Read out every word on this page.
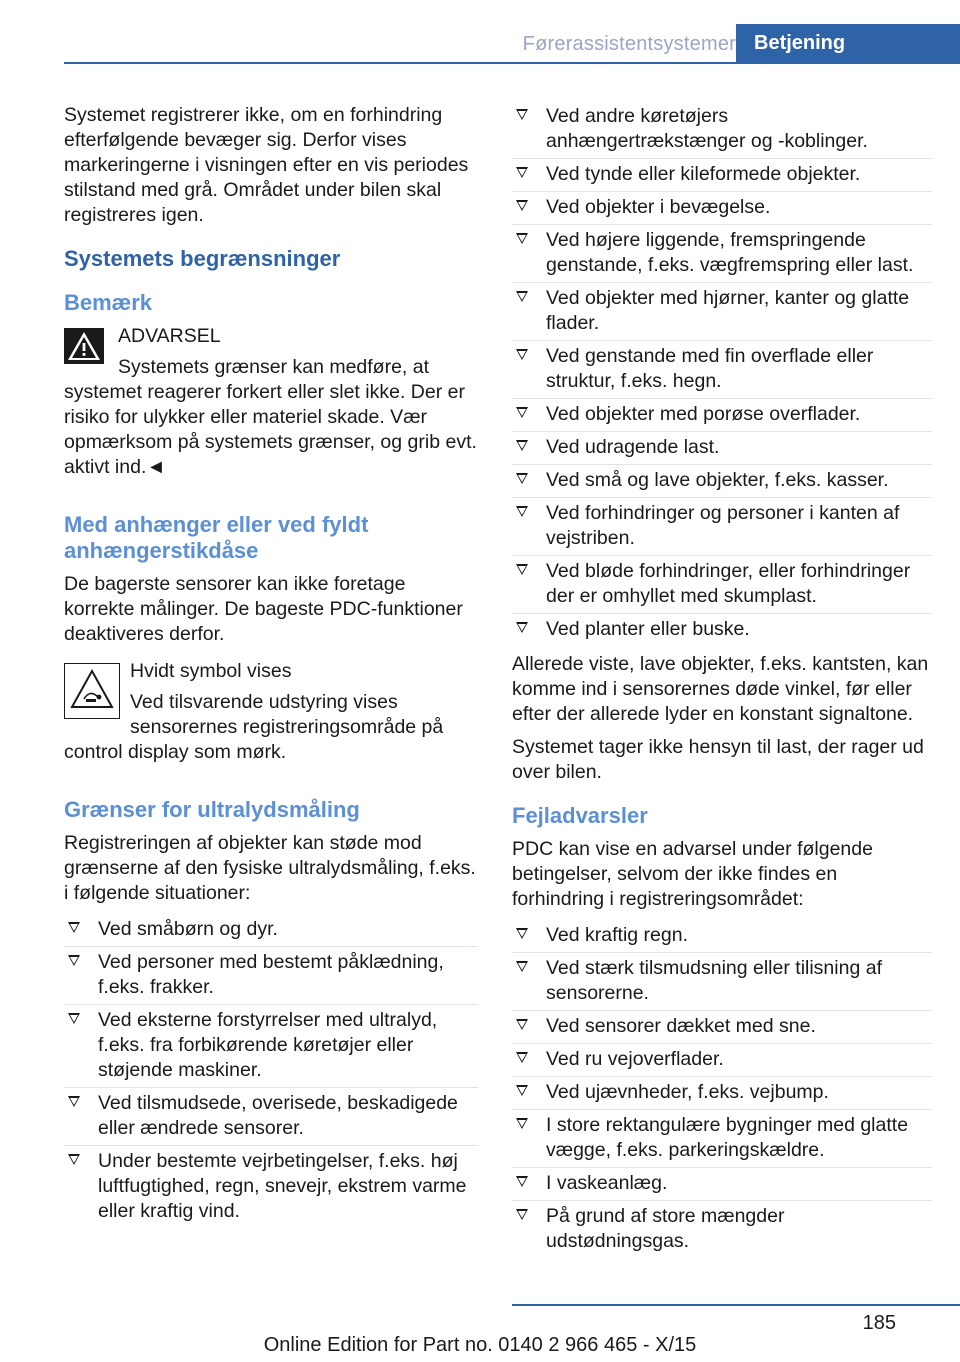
Førerassistentsystemer Betjening

Systemet registrerer ikke, om en forhindring efterfølgende bevæger sig. Derfor vises markeringerne i visningen efter en vis periodes stilstand med grå. Området under bilen skal registreres igen.

Systemets begrænsninger
Bemærk

ADVARSEL

Systemets grænser kan medføre, at systemet reagerer forkert eller slet ikke. Der er risiko for ulykker eller materiel skade. Vær opmærksom på systemets grænser, og grib evt. aktivt ind.◄

Med anhænger eller ved fyldt anhængerstikdåse

De bagerste sensorer kan ikke foretage korrekte målinger. De bageste PDC-funktioner deaktiveres derfor.

Hvidt symbol vises

Ved tilsvarende udstyring vises sensorernes registreringsområde på control display som mørk.

Grænser for ultralydsmåling

Registreringen af objekter kan støde mod grænserne af den fysiske ultralydsmåling, f.eks. i følgende situationer:

Ved småbørn og dyr.
Ved personer med bestemt påklædning, f.eks. frakker.
Ved eksterne forstyrrelser med ultralyd, f.eks. fra forbikørende køretøjer eller støjende maskiner.
Ved tilsmudsede, overisede, beskadigede eller ændrede sensorer.
Under bestemte vejrbetingelser, f.eks. høj luftfugtighed, regn, snevejr, ekstrem varme eller kraftig vind.
Ved andre køretøjers anhængertrækstænger og -koblinger.
Ved tynde eller kileformede objekter.
Ved objekter i bevægelse.
Ved højere liggende, fremspringende genstande, f.eks. vægfremspring eller last.
Ved objekter med hjørner, kanter og glatte flader.
Ved genstande med fin overflade eller struktur, f.eks. hegn.
Ved objekter med porøse overflader.
Ved udragende last.
Ved små og lave objekter, f.eks. kasser.
Ved forhindringer og personer i kanten af vejstriben.
Ved bløde forhindringer, eller forhindringer der er omhyllet med skumplast.
Ved planter eller buske.

Allerede viste, lave objekter, f.eks. kantsten, kan komme ind i sensorernes døde vinkel, før eller efter der allerede lyder en konstant signaltone.

Systemet tager ikke hensyn til last, der rager ud over bilen.

Fejladvarsler

PDC kan vise en advarsel under følgende betingelser, selvom der ikke findes en forhindring i registreringsområdet:

Ved kraftig regn.
Ved stærk tilsmudsning eller tilisning af sensorerne.
Ved sensorer dækket med sne.
Ved ru vejoverflader.
Ved ujævnheder, f.eks. vejbump.
I store rektangulære bygninger med glatte vægge, f.eks. parkeringskældre.
I vaskeanlæg.
På grund af store mængder udstødningsgas.
185
Online Edition for Part no. 0140 2 966 465 - X/15
